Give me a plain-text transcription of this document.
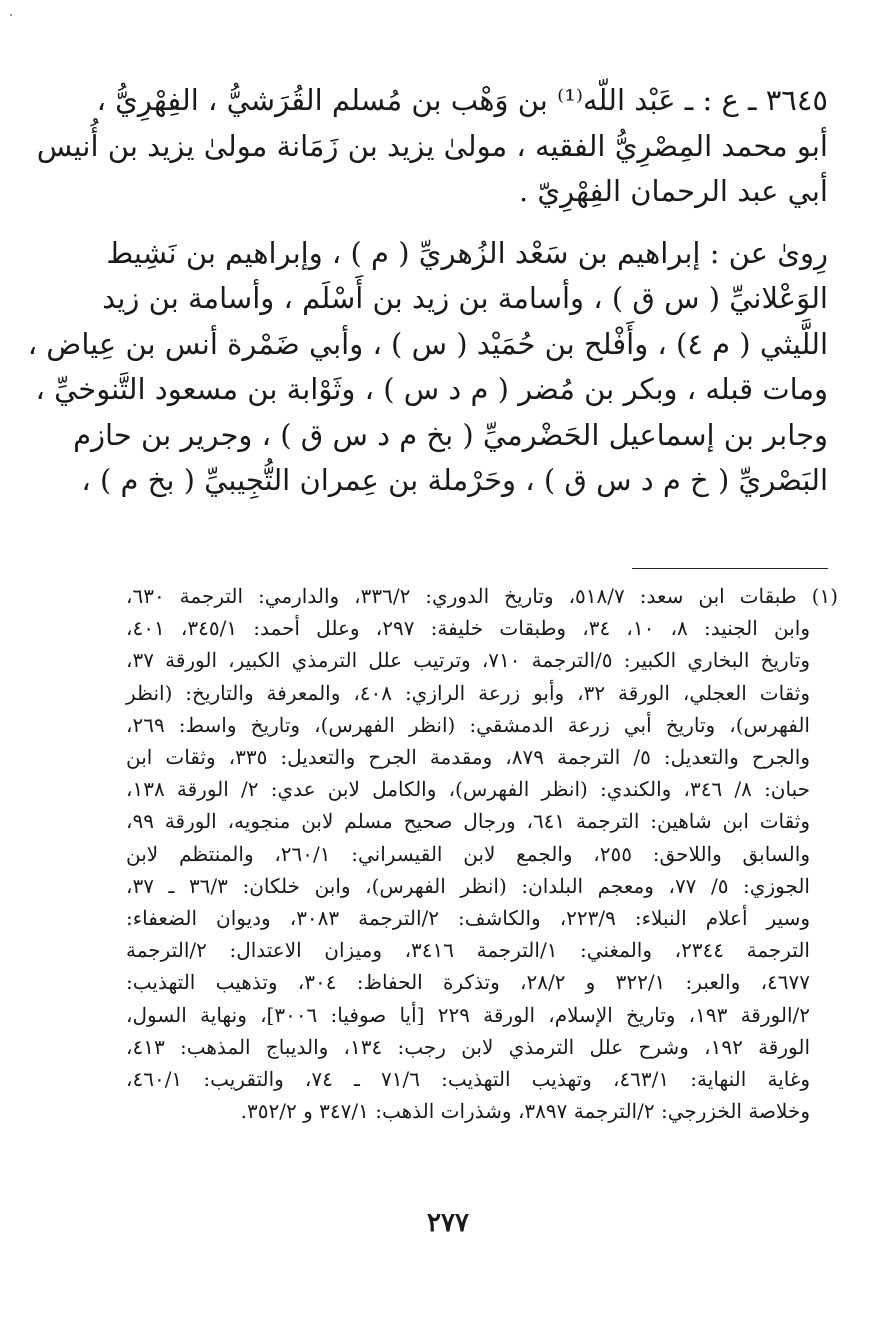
٣٦٤٥ ـ ع : ـ عَبْد اللّه⁽¹⁾ بن وَهْب بن مُسلم القُرَشيُّ ، الفِهْرِيُّ ،
أبو محمد المِصْرِيُّ الفقيه ، مولىٰ يزيد بن زَمَانة مولىٰ يزيد بن أُنيس
أبي عبد الرحمان الفِهْرِيّ .
رِوىٰ عن : إبراهيم بن سَعْد الزُهريِّ ( م ) ، وإبراهيم بن نَشِيط
الوَعْلانيِّ ( س ق ) ، وأسامة بن زيد بن أَسْلَم ، وأسامة بن زيد
اللَّيثي ( م ٤) ، وأَفْلح بن حُمَيْد ( س ) ، وأبي ضَمْرة أنس بن عِياض ،
ومات قبله ، وبكر بن مُضر ( م د س ) ، وثَوْابة بن مسعود التَّنوخيِّ ،
وجابر بن إسماعيل الحَضْرميِّ ( بخ م د س ق ) ، وجرير بن حازم
البَصْريِّ ( خ م د س ق ) ، وحَرْملة بن عِمران التُّجِيبيِّ ( بخ م ) ،
(١) طبقات ابن سعد: ٥١٨/٧، وتاريخ الدوري: ٣٣٦/٢، والدارمي: الترجمة ٦٣٠،
وابن الجنيد: ٨، ١٠، ٣٤، وطبقات خليفة: ٢٩٧، وعلل أحمد: ٣٤٥/١، ٤٠١،
وتاريخ البخاري الكبير: ٥/الترجمة ٧١٠، وترتيب علل الترمذي الكبير، الورقة ٣٧،
وثقات العجلي، الورقة ٣٢، وأبو زرعة الرازي: ٤٠٨، والمعرفة والتاريخ: (انظر
الفهرس)، وتاريخ أبي زرعة الدمشقي: (انظر الفهرس)، وتاريخ واسط: ٢٦٩،
والجرح والتعديل: ٥/ الترجمة ٨٧٩، ومقدمة الجرح والتعديل: ٣٣٥، وثقات ابن
حبان: ٨/ ٣٤٦، والكندي: (انظر الفهرس)، والكامل لابن عدي: ٢/ الورقة ١٣٨،
وثقات ابن شاهين: الترجمة ٦٤١، ورجال صحيح مسلم لابن منجويه، الورقة ٩٩،
والسابق واللاحق: ٢٥٥، والجمع لابن القيسراني: ٢٦٠/١، والمنتظم لابن
الجوزي: ٥/ ٧٧، ومعجم البلدان: (انظر الفهرس)، وابن خلكان: ٣٦/٣ ـ ٣٧،
وسير أعلام النبلاء: ٢٢٣/٩، والكاشف: ٢/الترجمة ٣٠٨٣، وديوان الضعفاء:
الترجمة ٢٣٤٤، والمغني: ١/الترجمة ٣٤١٦، وميزان الاعتدال: ٢/الترجمة
٤٦٧٧، والعبر: ٣٢٢/١ و ٢٨/٢، وتذكرة الحفاظ: ٣٠٤، وتذهيب التهذيب:
٢/الورقة ١٩٣، وتاريخ الإسلام، الورقة ٢٢٩ [أيا صوفيا: ٣٠٠٦]، ونهاية السول،
الورقة ١٩٢، وشرح علل الترمذي لابن رجب: ١٣٤، والديباج المذهب: ٤١٣،
وغاية النهاية: ٤٦٣/١، وتهذيب التهذيب: ٧١/٦ ـ ٧٤، والتقريب: ٤٦٠/١،
وخلاصة الخزرجي: ٢/الترجمة ٣٨٩٧، وشذرات الذهب: ٣٤٧/١ و ٣٥٢/٢.
٢٧٧
